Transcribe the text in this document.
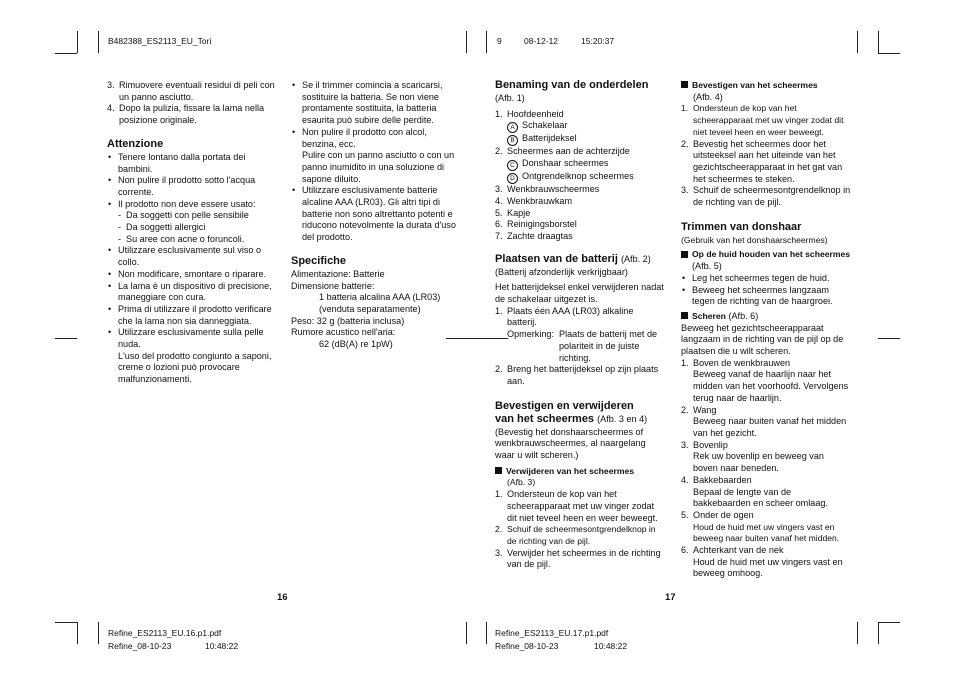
B482388_ES2113_EU_Tori	9	08-12-12	15:20:37
3. Rimuovere eventuali residui di peli con un panno asciutto.
4. Dopo la pulizia, fissare la lama nella posizione originale.
Attenzione
• Tenere lontano dalla portata dei bambini.
• Non pulire il prodotto sotto l'acqua corrente.
• Il prodotto non deve essere usato:
- Da soggetti con pelle sensibile
- Da soggetti allergici
- Su aree con acne o foruncoli.
• Utilizzare esclusivamente sul viso o collo.
• Non modificare, smontare o riparare.
• La lama è un dispositivo di precisione, maneggiare con cura.
• Prima di utilizzare il prodotto verificare che la lama non sia danneggiata.
• Utilizzare esclusivamente sulla pelle nuda.
L'uso del prodotto congiunto a saponi, creme o lozioni può provocare malfunzionamenti.
• Se il trimmer comincia a scaricarsi, sostituire la batteria. Se non viene prontamente sostituita, la batteria esaurita può subire delle perdite.
• Non pulire il prodotto con alcol, benzina, ecc.
Pulire con un panno asciutto o con un panno inumidito in una soluzione di sapone diluito.
• Utilizzare esclusivamente batterie alcaline AAA (LR03). Gli altri tipi di batterie non sono altrettanto potenti e riducono notevolmente la durata d'uso del prodotto.
Specifiche
Alimentazione: Batterie
Dimensione batterie:
1 batteria alcalina AAA (LR03)
(venduta separatamente)
Peso: 32 g (batteria inclusa)
Rumore acustico nell'aria:
62 (dB(A) re 1pW)
Benaming van de onderdelen
(Afb. 1)
1. Hoofdeenheid
A Schakelaar
B Batterijdeksel
2. Scheermes aan de achterzijde
C Donshaar scheermes
D Ontgrendelknop scheermes
3. Wenkbrauwscheermes
4. Wenkbrauwkam
5. Kapje
6. Reinigingsborstel
7. Zachte draagtas
Plaatsen van de batterij (Afb. 2)
(Batterij afzonderlijk verkrijgbaar)
Het batterijdeksel enkel verwijderen nadat de schakelaar uitgezet is.
1. Plaats één AAA (LR03) alkaline batterij.
Opmerking: Plaats de batterij met de polariteit in de juiste richting.
2. Breng het batterijdeksel op zijn plaats aan.
Bevestigen en verwijderen
van het scheermes (Afb. 3 en 4)
(Bevestig het donshaarscheermes of wenkbrauwscheermes, al naargelang waar u wilt scheren.)
Verwijderen van het scheermes
(Afb. 3)
1. Ondersteun de kop van het scheerapparaat met uw vinger zodat dit niet teveel heen en weer beweegt.
2. Schuif de scheermesontgrendelknop in de richting van de pijl.
3. Verwijder het scheermes in de richting van de pijl.
Bevestigen van het scheermes
(Afb. 4)
1. Ondersteun de kop van het scheerapparaat met uw vinger zodat dit niet teveel heen en weer beweegt.
2. Bevestig het scheermes door het uitsteeksel aan het uiteinde van het gezichtscheerapparaat in het gat van het scheermes te steken.
3. Schuif de scheermesontgrendelknop in de richting van de pijl.
Trimmen van donshaar
(Gebruik van het donshaarscheermes)
Op de huid houden van het scheermes (Afb. 5)
• Leg het scheermes tegen de huid.
• Beweeg het scheermes langzaam tegen de richting van de haargroei.
Scheren (Afb. 6)
Beweeg het gezichtscheerapparaat langzaam in de richting van de pijl op de plaatsen die u wilt scheren.
1. Boven de wenkbrauwen
Beweeg vanaf de haarlijn naar het midden van het voorhoofd. Vervolgens terug naar de haarlijn.
2. Wang
Beweeg naar buiten vanaf het midden van het gezicht.
3. Bovenlip
Rek uw bovenlip en beweeg van boven naar beneden.
4. Bakkebaarden
Bepaal de lengte van de bakkebaarden en scheer omlaag.
5. Onder de ogen
Houd de huid met uw vingers vast en beweeg naar buiten vanaf het midden.
6. Achterkant van de nek
Houd de huid met uw vingers vast en beweeg omhoog.
16	17
Refine_ES2113_EU.16.p1.pdf
Refine_08-10-23	10:48:22
Refine_ES2113_EU.17.p1.pdf
Refine_08-10-23	10:48:22
